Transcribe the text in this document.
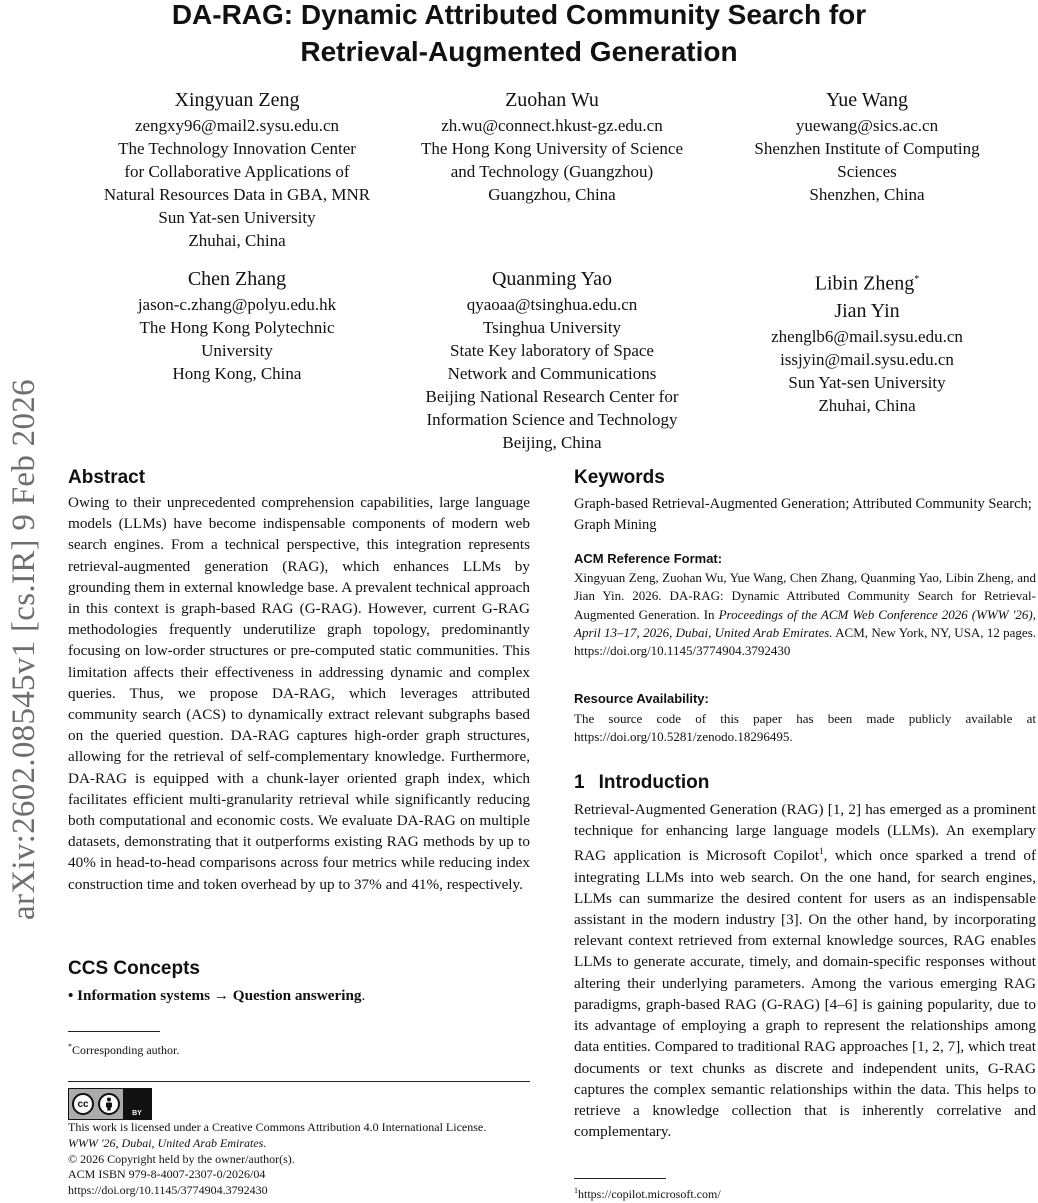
DA-RAG: Dynamic Attributed Community Search for
Retrieval-Augmented Generation
Xingyuan Zeng
zengxy96@mail2.sysu.edu.cn
The Technology Innovation Center
for Collaborative Applications of
Natural Resources Data in GBA, MNR
Sun Yat-sen University
Zhuhai, China
Zuohan Wu
zh.wu@connect.hkust-gz.edu.cn
The Hong Kong University of Science
and Technology (Guangzhou)
Guangzhou, China
Yue Wang
yuewang@sics.ac.cn
Shenzhen Institute of Computing
Sciences
Shenzhen, China
Chen Zhang
jason-c.zhang@polyu.edu.hk
The Hong Kong Polytechnic
University
Hong Kong, China
Quanming Yao
qyaoaa@tsinghua.edu.cn
Tsinghua University
State Key laboratory of Space
Network and Communications
Beijing National Research Center for
Information Science and Technology
Beijing, China
Libin Zheng*
Jian Yin
zhenglb6@mail.sysu.edu.cn
issjyin@mail.sysu.edu.cn
Sun Yat-sen University
Zhuhai, China
arXiv:2602.08545v1 [cs.IR] 9 Feb 2026 Abstract
Owing to their unprecedented comprehension capabilities, large language models (LLMs) have become indispensable components of modern web search engines. From a technical perspective, this integration represents retrieval-augmented generation (RAG), which enhances LLMs by grounding them in external knowledge base. A prevalent technical approach in this context is graph-based RAG (G-RAG). However, current G-RAG methodologies frequently underutilize graph topology, predominantly focusing on low-order structures or pre-computed static communities. This limitation affects their effectiveness in addressing dynamic and complex queries. Thus, we propose DA-RAG, which leverages attributed community search (ACS) to dynamically extract relevant subgraphs based on the queried question. DA-RAG captures high-order graph structures, allowing for the retrieval of self-complementary knowledge. Furthermore, DA-RAG is equipped with a chunk-layer oriented graph index, which facilitates efficient multi-granularity retrieval while significantly reducing both computational and economic costs. We evaluate DA-RAG on multiple datasets, demonstrating that it outperforms existing RAG methods by up to 40% in head-to-head comparisons across four metrics while reducing index construction time and token overhead by up to 37% and 41%, respectively.
CCS Concepts
• Information systems → Question answering.
*Corresponding author.
cc
BY
This work is licensed under a Creative Commons Attribution 4.0 International License.
WWW '26, Dubai, United Arab Emirates.
© 2026 Copyright held by the owner/author(s).
ACM ISBN 979-8-4007-2307-0/2026/04
https://doi.org/10.1145/3774904.3792430
Keywords
Graph-based Retrieval-Augmented Generation; Attributed Community Search; Graph Mining
ACM Reference Format:
Xingyuan Zeng, Zuohan Wu, Yue Wang, Chen Zhang, Quanming Yao, Libin Zheng, and Jian Yin. 2026. DA-RAG: Dynamic Attributed Community Search for Retrieval-Augmented Generation. In Proceedings of the ACM Web Conference 2026 (WWW '26), April 13–17, 2026, Dubai, United Arab Emirates. ACM, New York, NY, USA, 12 pages. https://doi.org/10.1145/3774904.3792430
Resource Availability:
The source code of this paper has been made publicly available at https://doi.org/10.5281/zenodo.18296495.
1 Introduction
Retrieval-Augmented Generation (RAG) [1, 2] has emerged as a prominent technique for enhancing large language models (LLMs). An exemplary RAG application is Microsoft Copilot$^1$, which once sparked a trend of integrating LLMs into web search. On the one hand, for search engines, LLMs can summarize the desired content for users as an indispensable assistant in the modern industry [3]. On the other hand, by incorporating relevant context retrieved from external knowledge sources, RAG enables LLMs to generate accurate, timely, and domain-specific responses without altering their underlying parameters. Among the various emerging RAG paradigms, graph-based RAG (G-RAG) [4–6] is gaining popularity, due to its advantage of employing a graph to represent the relationships among data entities. Compared to traditional RAG approaches [1, 2, 7], which treat documents or text chunks as discrete and independent units, G-RAG captures the complex semantic relationships within the data. This helps to retrieve a knowledge collection that is inherently correlative and complementary.
$^1$https://copilot.microsoft.com/
